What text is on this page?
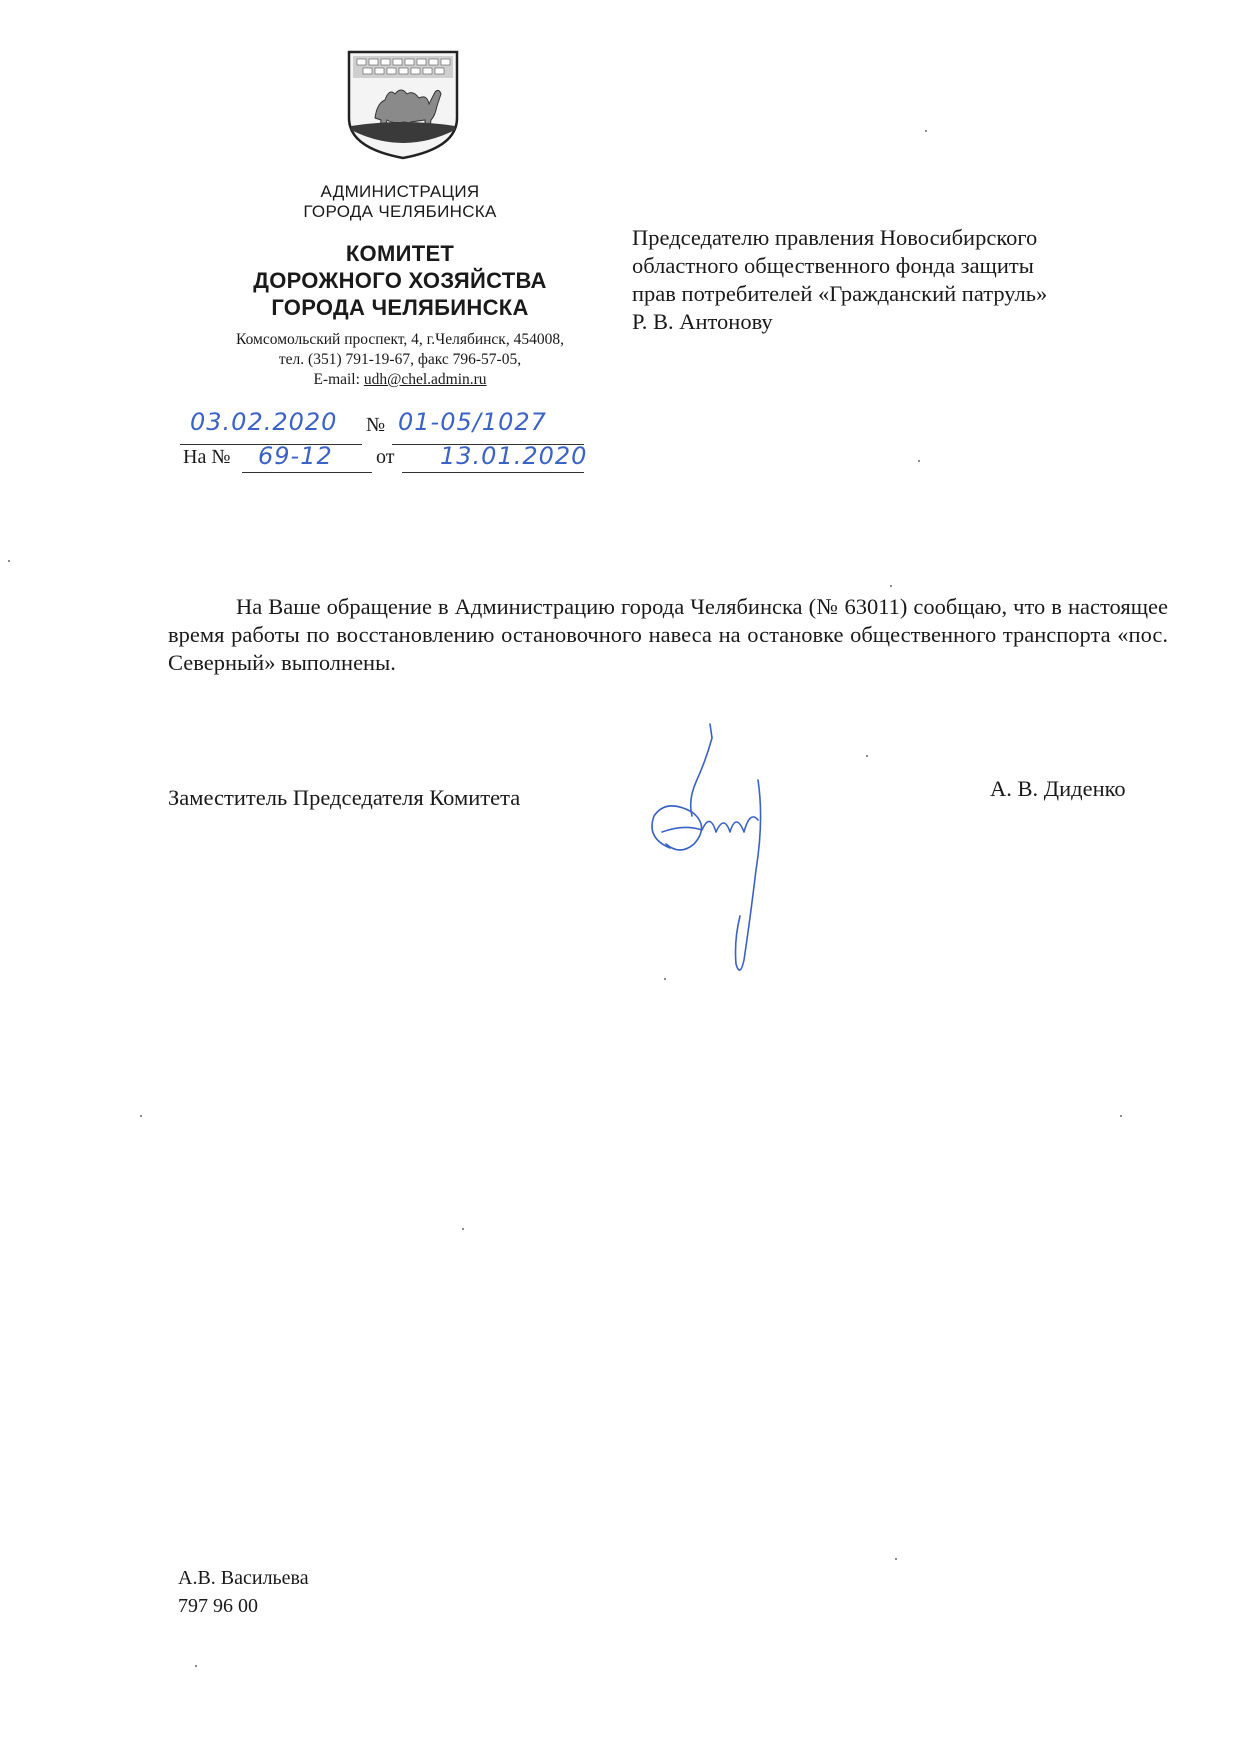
АДМИНИСТРАЦИЯ
ГОРОДА ЧЕЛЯБИНСКА
КОМИТЕТ
ДОРОЖНОГО ХОЗЯЙСТВА
ГОРОДА ЧЕЛЯБИНСКА
Комсомольский проспект, 4, г.Челябинск, 454008,
тел. (351) 791-19-67, факс 796-57-05,
E-mail: udh@chel.admin.ru
03.02.2020 № 01-05/1027
На № 69-12 от 13.01.2020
Председателю правления Новосибирского
областного общественного фонда защиты
прав потребителей «Гражданский патруль»
Р. В. Антонову

На Ваше обращение в Администрацию города Челябинска (№ 63011) сообщаю, что в настоящее время работы по восстановлению остановочного навеса на остановке общественного транспорта «пос. Северный» выполнены.

Заместитель Председателя Комитета	А. В. Диденко
А.В. Васильева
797 96 00
